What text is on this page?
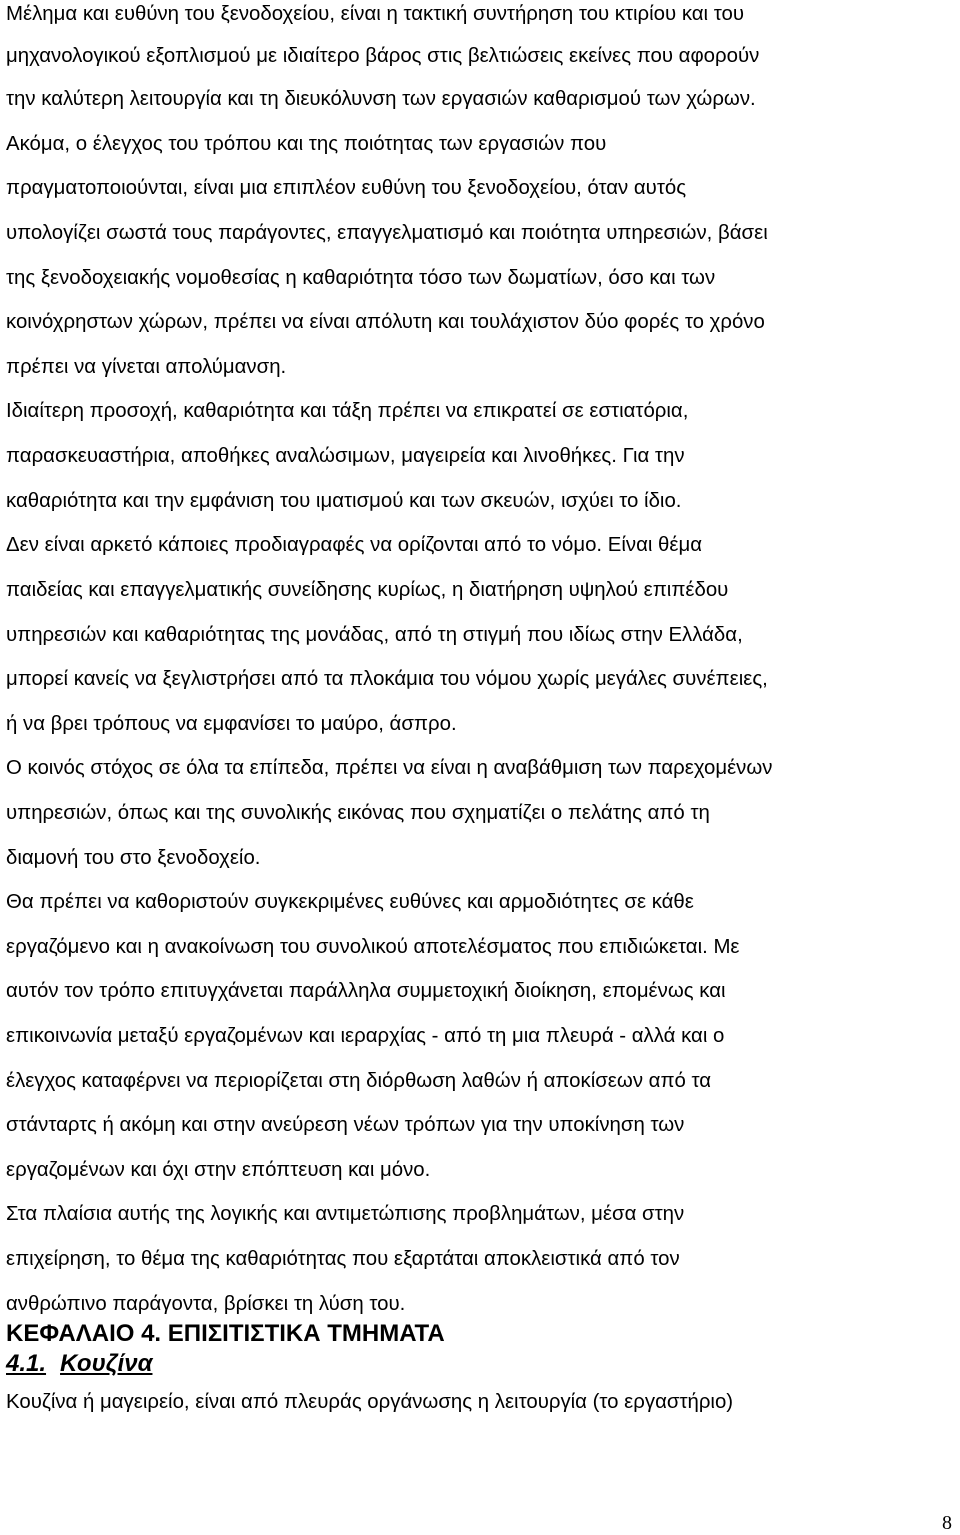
Μέλημα και ευθύνη του ξενοδοχείου, είναι η τακτική συντήρηση του κτιρίου και του
μηχανολογικού εξοπλισμού με ιδιαίτερο βάρος στις βελτιώσεις εκείνες που αφορούν
την καλύτερη λειτουργία και τη διευκόλυνση των εργασιών καθαρισμού των χώρων.
Ακόμα, ο έλεγχος του τρόπου και της ποιότητας των εργασιών που
πραγματοποιούνται, είναι μια επιπλέον ευθύνη του ξενοδοχείου, όταν αυτός
υπολογίζει σωστά τους παράγοντες, επαγγελματισμό και ποιότητα υπηρεσιών, βάσει
της ξενοδοχειακής νομοθεσίας η καθαριότητα τόσο των δωματίων, όσο και των
κοινόχρηστων χώρων, πρέπει να είναι απόλυτη και τουλάχιστον δύο φορές το χρόνο
πρέπει να γίνεται απολύμανση.
Ιδιαίτερη προσοχή, καθαριότητα και τάξη πρέπει να επικρατεί σε εστιατόρια,
παρασκευαστήρια, αποθήκες αναλώσιμων, μαγειρεία και λινοθήκες. Για την
καθαριότητα και την εμφάνιση του ιματισμού και των σκευών, ισχύει το ίδιο.
Δεν είναι αρκετό κάποιες προδιαγραφές να ορίζονται από το νόμο. Είναι θέμα
παιδείας και επαγγελματικής συνείδησης κυρίως, η διατήρηση υψηλού επιπέδου
υπηρεσιών και καθαριότητας της μονάδας, από τη στιγμή που ιδίως στην Ελλάδα,
μπορεί κανείς να ξεγλιστρήσει από τα πλοκάμια του νόμου χωρίς μεγάλες συνέπειες,
ή να βρει τρόπους να εμφανίσει το μαύρο, άσπρο.
Ο κοινός στόχος σε όλα τα επίπεδα, πρέπει να είναι η αναβάθμιση των παρεχομένων
υπηρεσιών, όπως και της συνολικής εικόνας που σχηματίζει ο πελάτης από τη
διαμονή του στο ξενοδοχείο.
Θα πρέπει να καθοριστούν συγκεκριμένες ευθύνες και αρμοδιότητες σε κάθε
εργαζόμενο και η ανακοίνωση του συνολικού αποτελέσματος που επιδιώκεται. Με
αυτόν τον τρόπο επιτυγχάνεται παράλληλα συμμετοχική διοίκηση, επομένως και
επικοινωνία μεταξύ εργαζομένων και ιεραρχίας - από τη μια πλευρά - αλλά και ο
έλεγχος καταφέρνει να περιορίζεται στη διόρθωση λαθών ή αποκίσεων από τα
στάνταρτς ή ακόμη και στην ανεύρεση νέων τρόπων για την υποκίνηση των
εργαζομένων και όχι στην επόπτευση και μόνο.
Στα πλαίσια αυτής της λογικής και αντιμετώπισης προβλημάτων, μέσα στην
επιχείρηση, το θέμα της καθαριότητας που εξαρτάται αποκλειστικά από τον
ανθρώπινο παράγοντα, βρίσκει τη λύση του.
ΚΕΦΑΛΑΙΟ 4. ΕΠΙΣΙΤΙΣΤΙΚΑ ΤΜΗΜΑΤΑ
4.1. Κουζίνα
Κουζίνα ή μαγειρείο, είναι από πλευράς οργάνωσης η λειτουργία (το εργαστήριο)
8
